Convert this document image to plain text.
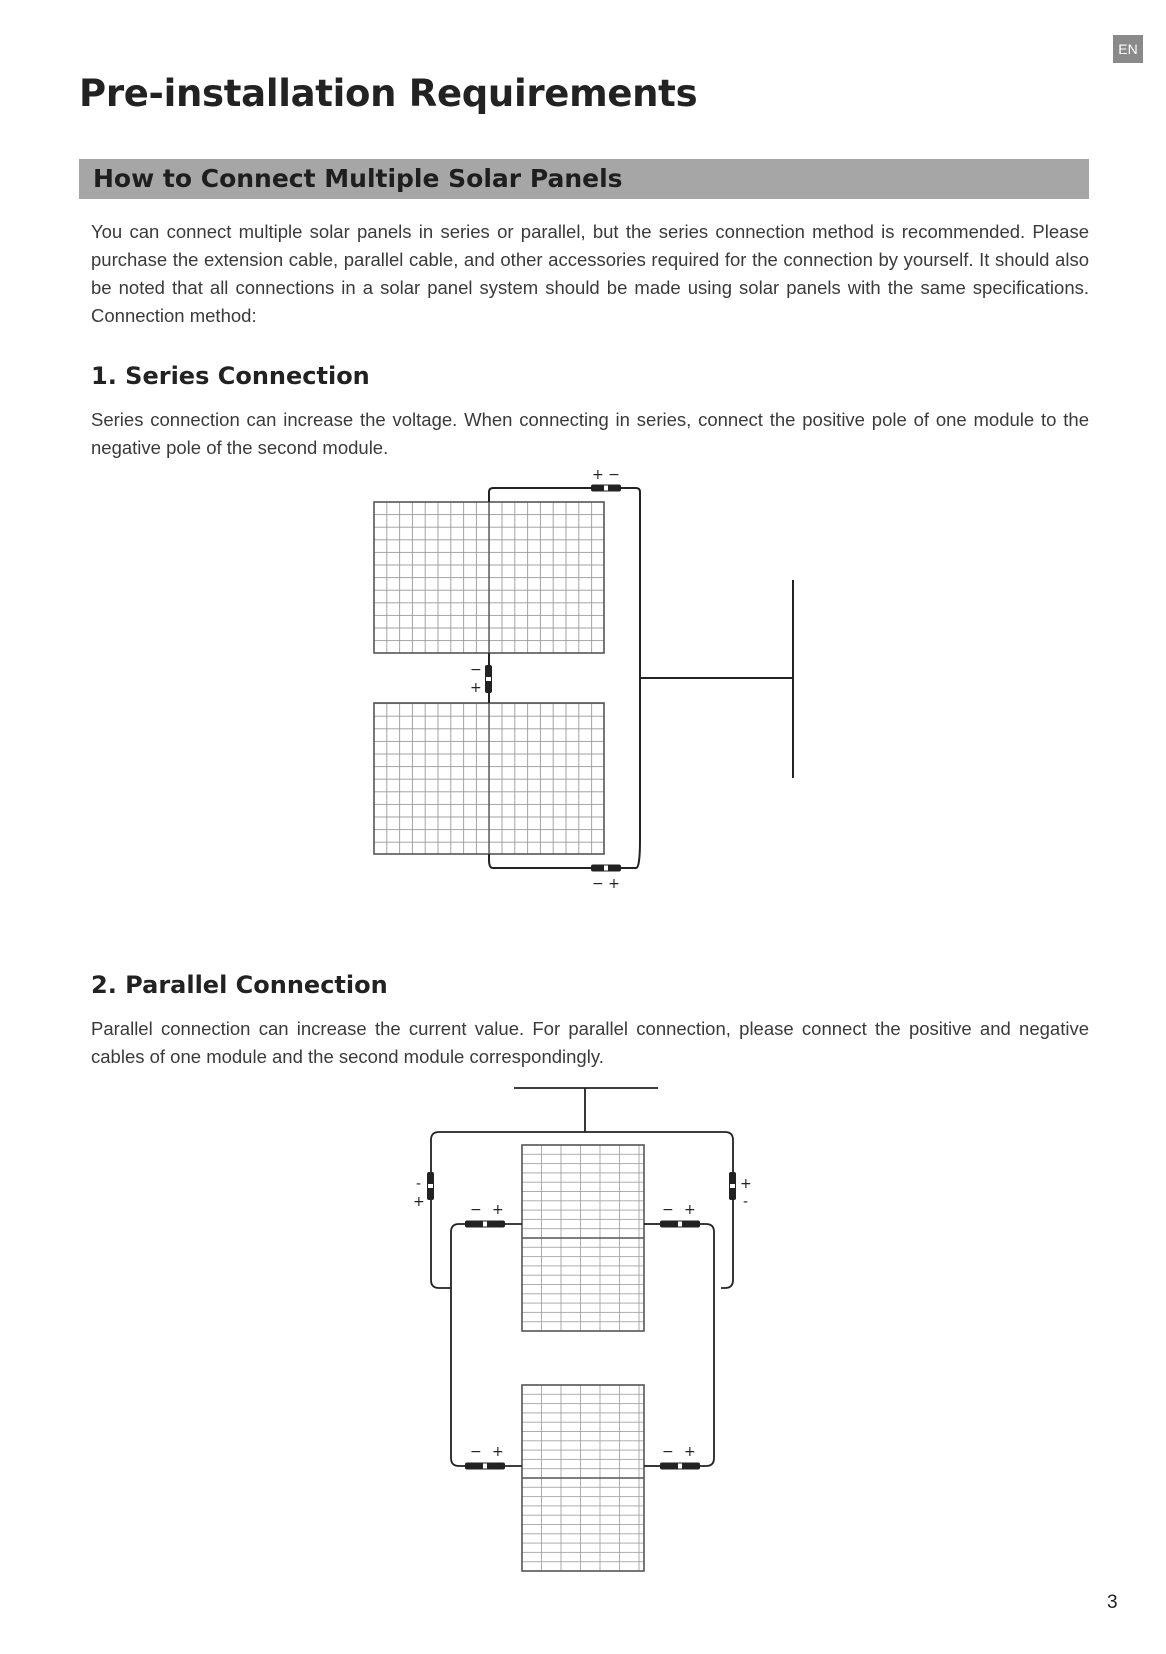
EN
Pre-installation Requirements
How to Connect Multiple Solar Panels

You can connect multiple solar panels in series or parallel, but the series connection method is recommended. Please purchase the extension cable, parallel cable, and other accessories required for the connection by yourself. It should also be noted that all connections in a solar panel system should be made using solar panels with the same specifications. Connection method:

1. Series Connection

Series connection can increase the voltage. When connecting in series, connect the positive pole of one module to the negative pole of the second module.

+ −
−
+
− +
2. Parallel Connection

Parallel connection can increase the current value. For parallel connection, please connect the positive and negative cables of one module and the second module correspondingly.

-
+
+
-
− +	− +
− +	− +
3
